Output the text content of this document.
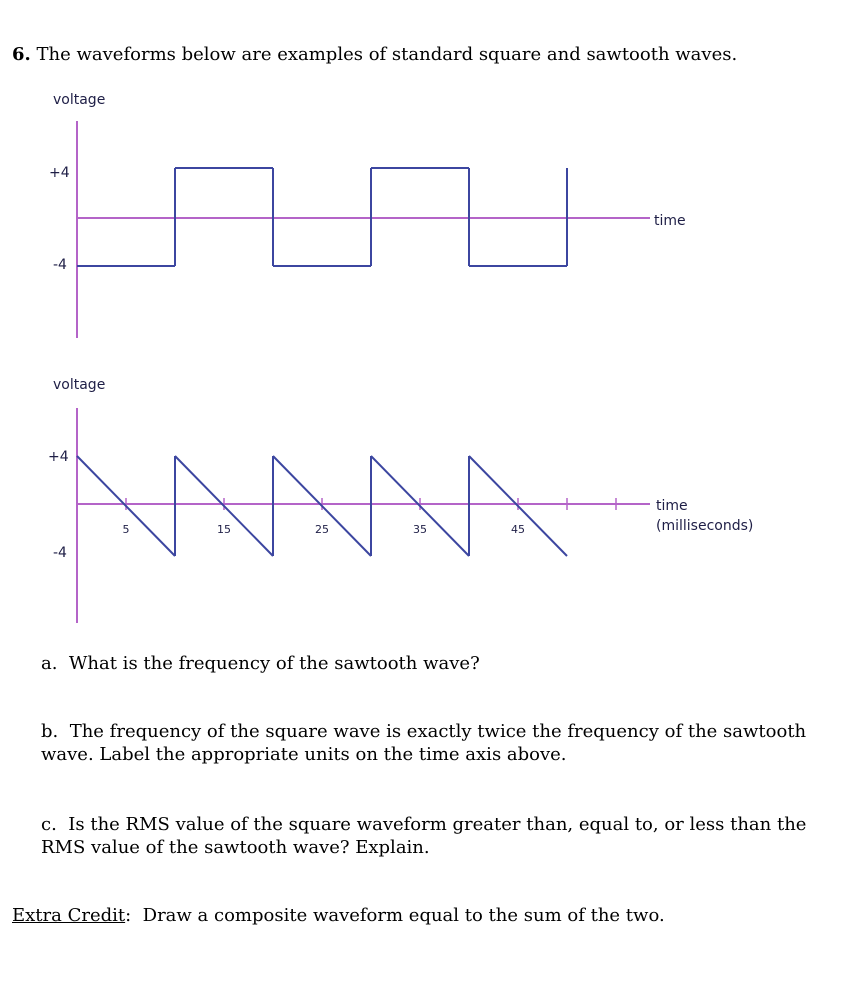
6. The waveforms below are examples of standard square and sawtooth waves.
voltage
+4
-4
time
voltage
+4
-4
5	15	25	35	45
time
(milliseconds)
a. What is the frequency of the sawtooth wave?
b. The frequency of the square wave is exactly twice the frequency of the sawtooth wave. Label the appropriate units on the time axis above.
c. Is the RMS value of the square waveform greater than, equal to, or less than the RMS value of the sawtooth wave? Explain.
Extra Credit:  Draw a composite waveform equal to the sum of the two.
